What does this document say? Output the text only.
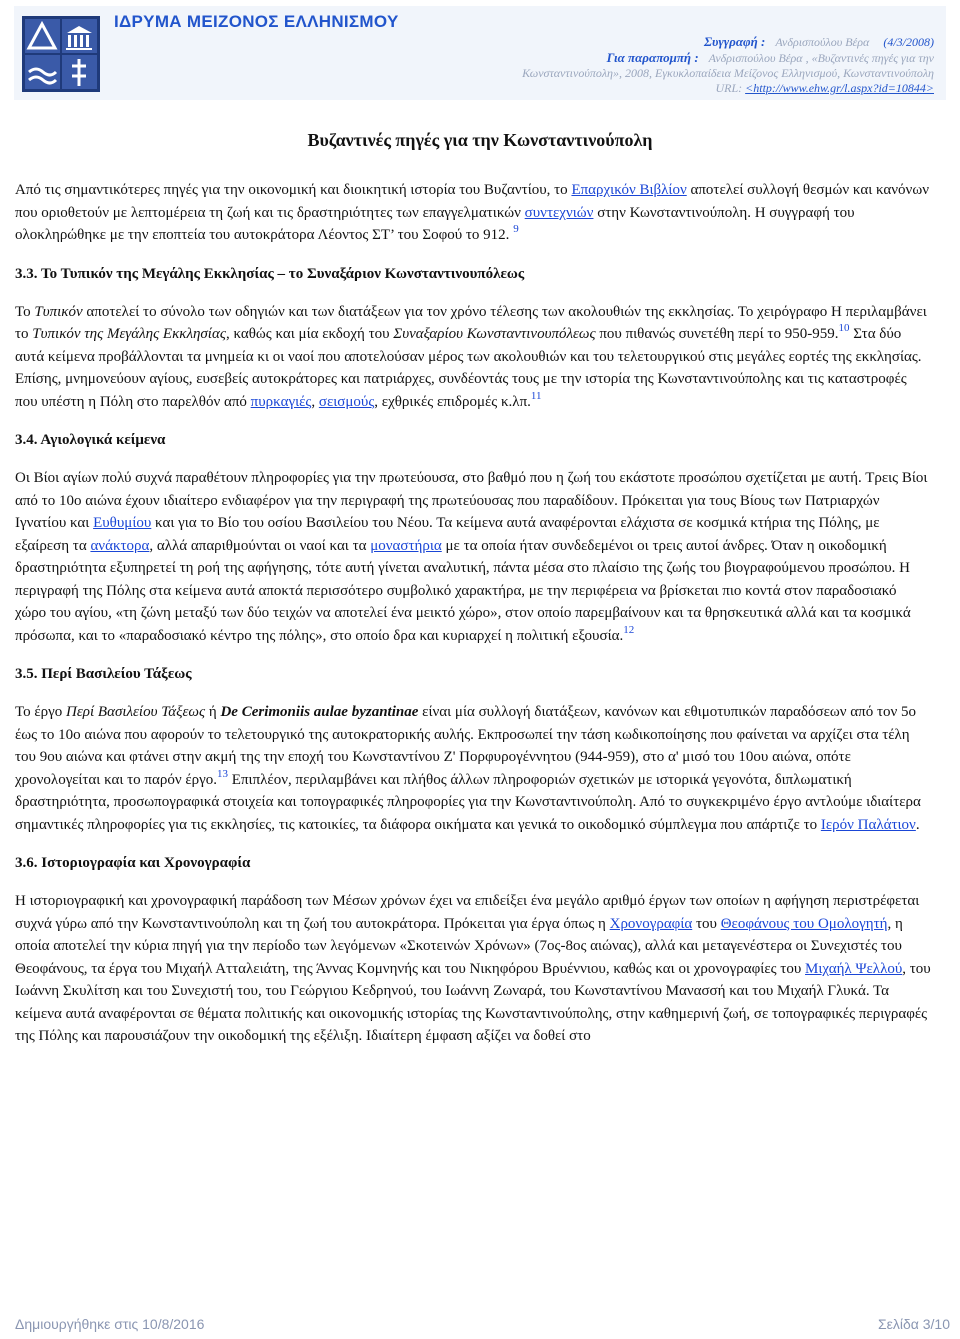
ΙΔΡΥΜΑ ΜΕΙΖΟΝΟΣ ΕΛΛΗΝΙΣΜΟΥ
Συγγραφή : Ανδρισπούλου Βέρα (4/3/2008)
Για παραπομπή : Ανδρισπούλου Βέρα , «Βυζαντινές πηγές για την
Κωνσταντινούπολη», 2008, Εγκυκλοπαίδεια Μείζονος Ελληνισμού, Κωνσταντινούπολη
URL: <http://www.ehw.gr/l.aspx?id=10844>
Βυζαντινές πηγές για την Κωνσταντινούπολη

Από τις σημαντικότερες πηγές για την οικονομική και διοικητική ιστορία του Βυζαντίου, το Επαρχικόν Βιβλίον αποτελεί συλλογή θεσμών και κανόνων που οριοθετούν με λεπτομέρεια τη ζωή και τις δραστηριότητες των επαγγελματικών συντεχνιών στην Κωνσταντινούπολη. Η συγγραφή του ολοκληρώθηκε με την εποπτεία του αυτοκράτορα Λέοντος ΣΤ’ του Σοφού το 912. $^9$

3.3. Το Τυπικόν της Μεγάλης Εκκλησίας – το Συναξάριον Κωνσταντινουπόλεως

Το Τυπικόν αποτελεί το σύνολο των οδηγιών και των διατάξεων για τον χρόνο τέλεσης των ακολουθιών της εκκλησίας. Το χειρόγραφο Η περιλαμβάνει το Τυπικόν της Μεγάλης Εκκλησίας, καθώς και μία εκδοχή του Συναξαρίου Κωνσταντινουπόλεως που πιθανώς συνετέθη περί το 950-959.10 Στα δύο αυτά κείμενα προβάλλονται τα μνημεία κι οι ναοί που αποτελούσαν μέρος των ακολουθιών και του τελετουργικού στις μεγάλες εορτές της εκκλησίας. Επίσης, μνημονεύουν αγίους, ευσεβείς αυτοκράτορες και πατριάρχες, συνδέοντάς τους με την ιστορία της Κωνσταντινούπολης και τις καταστροφές που υπέστη η Πόλη στο παρελθόν από πυρκαγιές, σεισμούς, εχθρικές επιδρομές κ.λπ.$^{11}$

3.4. Αγιολογικά κείμενα

Οι Βίοι αγίων πολύ συχνά παραθέτουν πληροφορίες για την πρωτεύουσα, στο βαθμό που η ζωή του εκάστοτε προσώπου σχετίζεται με αυτή. Τρεις Βίοι από το 10ο αιώνα έχουν ιδιαίτερο ενδιαφέρον για την περιγραφή της πρωτεύουσας που παραδίδουν. Πρόκειται για τους Βίους των Πατριαρχών Ιγνατίου και Ευθυμίου και για το Βίο του οσίου Βασιλείου του Νέου. Τα κείμενα αυτά αναφέρονται ελάχιστα σε κοσμικά κτήρια της Πόλης, με εξαίρεση τα ανάκτορα, αλλά απαριθμούνται οι ναοί και τα μοναστήρια με τα οποία ήταν συνδεδεμένοι οι τρεις αυτοί άνδρες. Όταν η οικοδομική δραστηριότητα εξυπηρετεί τη ροή της αφήγησης, τότε αυτή γίνεται αναλυτική, πάντα μέσα στο πλαίσιο της ζωής του βιογραφούμενου προσώπου. Η περιγραφή της Πόλης στα κείμενα αυτά αποκτά περισσότερο συμβολικό χαρακτήρα, με την περιφέρεια να βρίσκεται πιο κοντά στον παραδοσιακό χώρο του αγίου, «τη ζώνη μεταξύ των δύο τειχών να αποτελεί ένα μεικτό χώρο», στον οποίο παρεμβαίνουν και τα θρησκευτικά αλλά και τα κοσμικά πρόσωπα, και το «παραδοσιακό κέντρο της πόλης», στο οποίο δρα και κυριαρχεί η πολιτική εξουσία.$^{12}$

3.5. Περί Βασιλείου Τάξεως

Το έργο Περί Βασιλείου Τάξεως ή De Cerimoniis aulae byzantinae είναι μία συλλογή διατάξεων, κανόνων και εθιμοτυπικών παραδόσεων από τον 5ο έως το 10ο αιώνα που αφορούν το τελετουργικό της αυτοκρατορικής αυλής. Εκπροσωπεί την τάση κωδικοποίησης που φαίνεται να αρχίζει στα τέλη του 9ου αιώνα και φτάνει στην ακμή της την εποχή του Κωνσταντίνου Ζ' Πορφυρογέννητου (944-959), στο α' μισό του 10ου αιώνα, οπότε χρονολογείται και το παρόν έργο.$^{13}$ Επιπλέον, περιλαμβάνει και πλήθος άλλων πληροφοριών σχετικών με ιστορικά γεγονότα, διπλωματική δραστηριότητα, προσωπογραφικά στοιχεία και τοπογραφικές πληροφορίες για την Κωνσταντινούπολη. Από το συγκεκριμένο έργο αντλούμε ιδιαίτερα σημαντικές πληροφορίες για τις εκκλησίες, τις κατοικίες, τα διάφορα οικήματα και γενικά το οικοδομικό σύμπλεγμα που απάρτιζε το Ιερόν Παλάτιον.

3.6. Ιστοριογραφία και Χρονογραφία

Η ιστοριογραφική και χρονογραφική παράδοση των Μέσων χρόνων έχει να επιδείξει ένα μεγάλο αριθμό έργων των οποίων η αφήγηση περιστρέφεται συχνά γύρω από την Κωνσταντινούπολη και τη ζωή του αυτοκράτορα. Πρόκειται για έργα όπως η Χρονογραφία του Θεοφάνους του Ομολογητή, η οποία αποτελεί την κύρια πηγή για την περίοδο των λεγόμενων «Σκοτεινών Χρόνων» (7ος-8ος αιώνας), αλλά και μεταγενέστερα οι Συνεχιστές του Θεοφάνους, τα έργα του Μιχαήλ Ατταλειάτη, της Άννας Κομνηνής και του Νικηφόρου Βρυέννιου, καθώς και οι χρονογραφίες του Μιχαήλ Ψελλού, του Ιωάννη Σκυλίτση και του Συνεχιστή του, του Γεώργιου Κεδρηνού, του Ιωάννη Ζωναρά, του Κωνσταντίνου Μανασσή και του Μιχαήλ Γλυκά. Τα κείμενα αυτά αναφέρονται σε θέματα πολιτικής και οικονομικής ιστορίας της Κωνσταντινούπολης, στην καθημερινή ζωή, σε τοπογραφικές περιγραφές της Πόλης και παρουσιάζουν την οικοδομική της εξέλιξη. Ιδιαίτερη έμφαση αξίζει να δοθεί στο

Δημιουργήθηκε στις 10/8/2016	Σελίδα 3/10
